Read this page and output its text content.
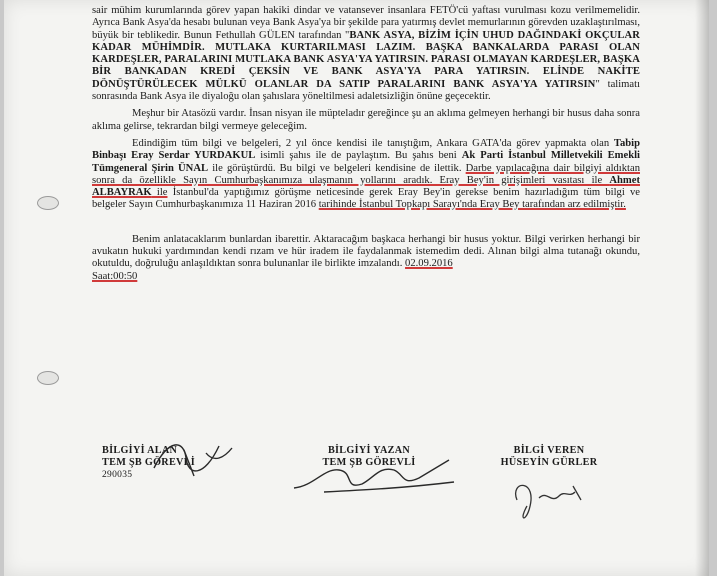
sair mühim kurumlarında görev yapan hakiki dindar ve vatansever insanlara FETÖ'cü yaftası vurulması kozu verilmemelidir. Ayrıca Bank Asya'da hesabı bulunan veya Bank Asya'ya bir şekilde para yatırmış devlet memurlarının görevden uzaklaştırılması, büyük bir teblikedir. Bunun Fethullah GÜLEN tarafından "BANK ASYA, BİZİM İÇİN UHUD DAĞINDAKİ OKÇULAR KADAR MÜHİMDİR. MUTLAKA KURTARILMASI LAZIM. BAŞKA BANKALARDA PARASI OLAN KARDEŞLER, PARALARINI MUTLAKA BANK ASYA'YA YATIRSIN. PARASI OLMAYAN KARDEŞLER, BAŞKA BİR BANKADAN KREDİ ÇEKSİN VE BANK ASYA'YA PARA YATIRSIN. ELİNDE NAKİTE DÖNÜŞTÜRÜLECEK MÜLKÜ OLANLAR DA SATIP PARALARINI BANK ASYA'YA YATIRSIN" talimatı sonrasında Bank Asya ile diyaloğu olan şahıslara yöneltilmesi adaletsizliğin önüne geçecektir.

Meşhur bir Atasözü vardır. İnsan nisyan ile müpteladır gereğince şu an aklıma gelmeyen herhangi bir husus daha sonra aklıma gelirse, tekrardan bilgi vermeye geleceğim.

Edindiğim tüm bilgi ve belgeleri, 2 yıl önce kendisi ile tanıştığım, Ankara GATA'da görev yapmakta olan Tabip Binbaşı Eray Serdar YURDAKUL isimli şahıs ile de paylaştım. Bu şahıs beni Ak Parti İstanbul Milletvekili Emekli Tümgeneral Şirin ÜNAL ile görüştürdü. Bu bilgi ve belgeleri kendisine de ilettik. Darbe yapılacağına dair bilgiyi aldıktan sonra da özellikle Sayın Cumhurbaşkanımıza ulaşmanın yollarını aradık. Eray Bey'in girişimleri vasıtası ile Ahmet ALBAYRAK ile İstanbul'da yaptığımız görüşme neticesinde gerek Eray Bey'in gerekse benim hazırladığım tüm bilgi ve belgeler Sayın Cumhurbaşkanımıza 11 Haziran 2016 tarihinde İstanbul Topkapı Sarayı'nda Eray Bey tarafından arz edilmiştir.

Benim anlatacaklarım bunlardan ibarettir. Aktaracağım başkaca herhangi bir husus yoktur. Bilgi verirken herhangi bir avukatın hukuki yardımından kendi rızam ve hür iradem ile faydalanmak istemedim dedi. Alınan bilgi alma tutanağı okundu, okutuldu, doğruluğu anlaşıldıktan sonra bulunanlar ile birlikte imzalandı. 02.09.2016
Saat:00:50

BİLGİYİ ALAN
TEM ŞB GÖREVLİ
290035
BİLGİYİ YAZAN
TEM ŞB GÖREVLİ
BİLGİ VEREN
HÜSEYİN GÜRLER
